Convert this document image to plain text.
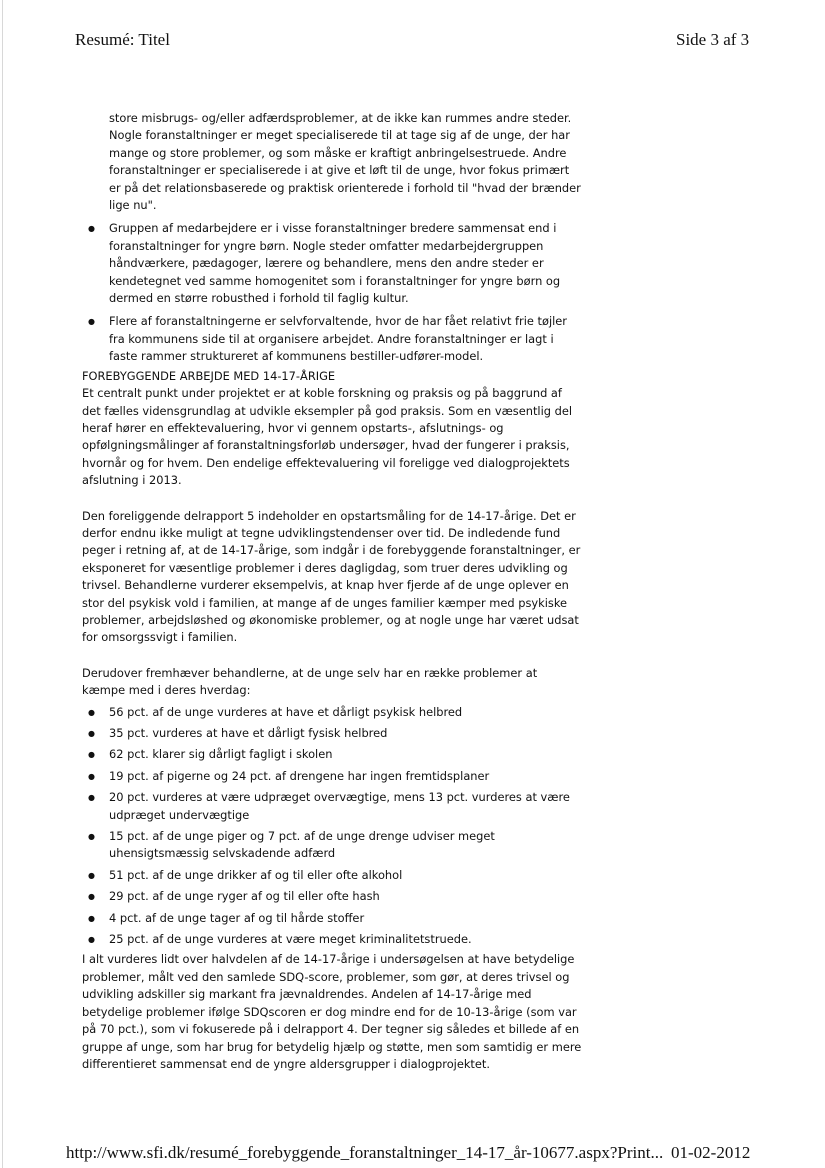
Resumé: Titel	Side 3 af 3

store misbrugs- og/eller adfærdsproblemer, at de ikke kan rummes andre steder. Nogle foranstaltninger er meget specialiserede til at tage sig af de unge, der har mange og store problemer, og som måske er kraftigt anbringelsestruede. Andre foranstaltninger er specialiserede i at give et løft til de unge, hvor fokus primært er på det relationsbaserede og praktisk orienterede i forhold til "hvad der brænder lige nu".

● Gruppen af medarbejdere er i visse foranstaltninger bredere sammensat end i foranstaltninger for yngre børn. Nogle steder omfatter medarbejdergruppen håndværkere, pædagoger, lærere og behandlere, mens den andre steder er kendetegnet ved samme homogenitet som i foranstaltninger for yngre børn og dermed en større robusthed i forhold til faglig kultur.
● Flere af foranstaltningerne er selvforvaltende, hvor de har fået relativt frie tøjler fra kommunens side til at organisere arbejdet. Andre foranstaltninger er lagt i faste rammer struktureret af kommunens bestiller-udfører-model.

FOREBYGGENDE ARBEJDE MED 14-17-ÅRIGE

Et centralt punkt under projektet er at koble forskning og praksis og på baggrund af det fælles vidensgrundlag at udvikle eksempler på god praksis. Som en væsentlig del heraf hører en effektevaluering, hvor vi gennem opstarts-, afslutnings- og opfølgningsmålinger af foranstaltningsforløb undersøger, hvad der fungerer i praksis, hvornår og for hvem. Den endelige effektevaluering vil foreligge ved dialogprojektets afslutning i 2013.

Den foreliggende delrapport 5 indeholder en opstartsmåling for de 14-17-årige. Det er derfor endnu ikke muligt at tegne udviklingstendenser over tid. De indledende fund peger i retning af, at de 14-17-årige, som indgår i de forebyggende foranstaltninger, er eksponeret for væsentlige problemer i deres dagligdag, som truer deres udvikling og trivsel. Behandlerne vurderer eksempelvis, at knap hver fjerde af de unge oplever en stor del psykisk vold i familien, at mange af de unges familier kæmper med psykiske problemer, arbejdsløshed og økonomiske problemer, og at nogle unge har været udsat for omsorgssvigt i familien.

Derudover fremhæver behandlerne, at de unge selv har en række problemer at kæmpe med i deres hverdag:

● 56 pct. af de unge vurderes at have et dårligt psykisk helbred
● 35 pct. vurderes at have et dårligt fysisk helbred
● 62 pct. klarer sig dårligt fagligt i skolen
● 19 pct. af pigerne og 24 pct. af drengene har ingen fremtidsplaner
● 20 pct. vurderes at være udpræget overvægtige, mens 13 pct. vurderes at være udpræget undervægtige
● 15 pct. af de unge piger og 7 pct. af de unge drenge udviser meget uhensigtsmæssig selvskadende adfærd
● 51 pct. af de unge drikker af og til eller ofte alkohol
● 29 pct. af de unge ryger af og til eller ofte hash
● 4 pct. af de unge tager af og til hårde stoffer
● 25 pct. af de unge vurderes at være meget kriminalitetstruede.

I alt vurderes lidt over halvdelen af de 14-17-årige i undersøgelsen at have betydelige problemer, målt ved den samlede SDQ-score, problemer, som gør, at deres trivsel og udvikling adskiller sig markant fra jævnaldrendes. Andelen af 14-17-årige med betydelige problemer ifølge SDQscoren er dog mindre end for de 10-13-årige (som var på 70 pct.), som vi fokuserede på i delrapport 4. Der tegner sig således et billede af en gruppe af unge, som har brug for betydelig hjælp og støtte, men som samtidig er mere differentieret sammensat end de yngre aldersgrupper i dialogprojektet.

http://www.sfi.dk/resumé_forebyggende_foranstaltninger_14-17_år-10677.aspx?Print... 01-02-2012
